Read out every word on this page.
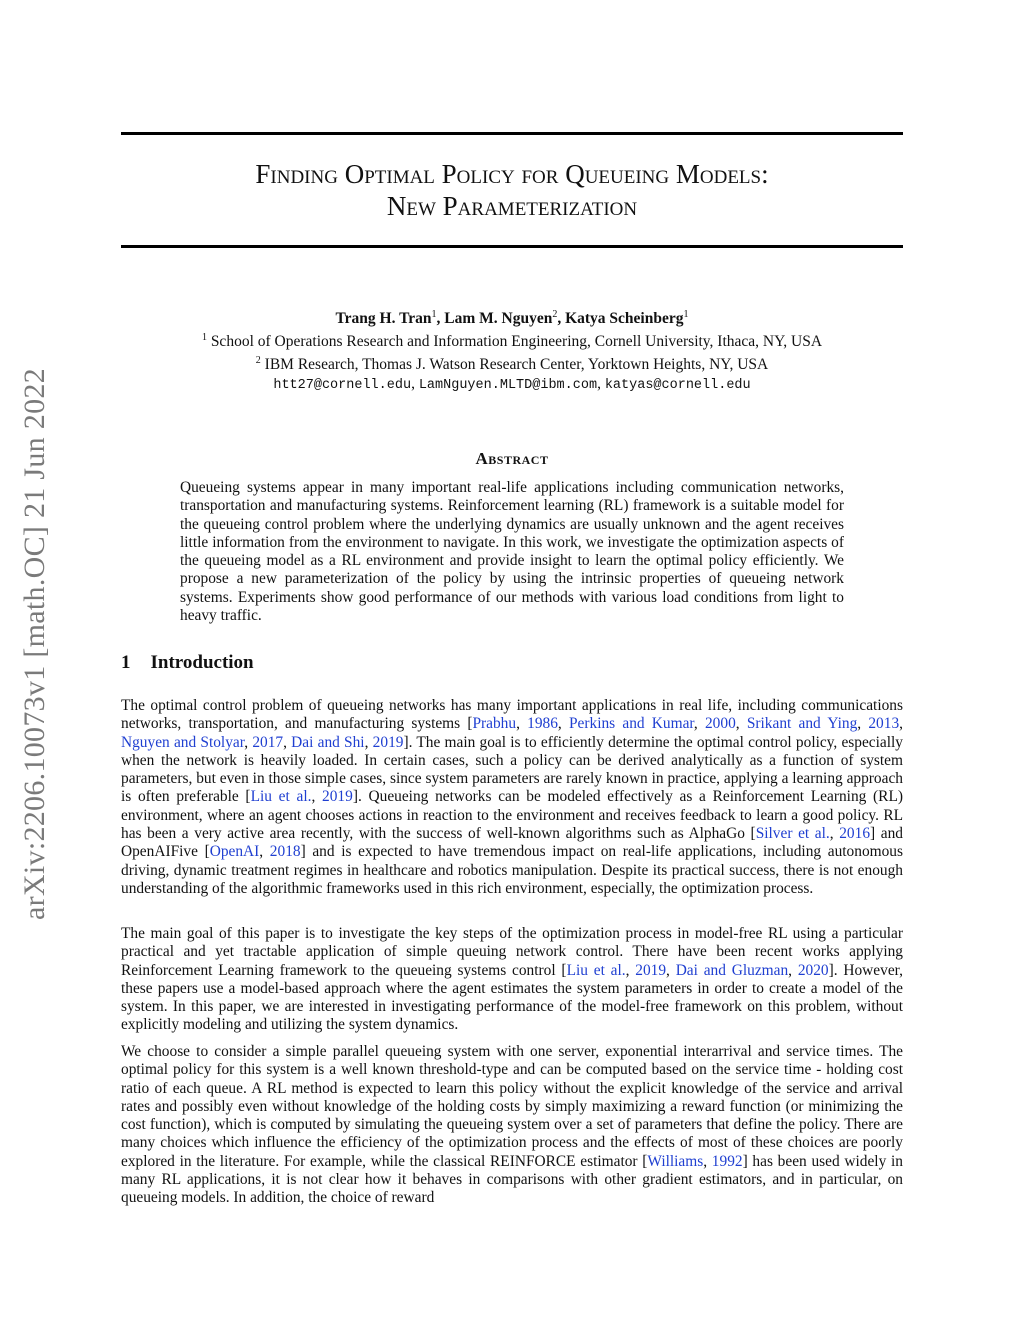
arXiv:2206.10073v1 [math.OC] 21 Jun 2022
Finding Optimal Policy for Queueing Models:
New Parameterization
Trang H. Tran$^1$, Lam M. Nguyen$^2$, Katya Scheinberg$^1$
$^1$ School of Operations Research and Information Engineering, Cornell University, Ithaca, NY, USA
$^2$ IBM Research, Thomas J. Watson Research Center, Yorktown Heights, NY, USA
htt27@cornell.edu, LamNguyen.MLTD@ibm.com, katyas@cornell.edu
Abstract
Queueing systems appear in many important real-life applications including communication networks, transportation and manufacturing systems. Reinforcement learning (RL) framework is a suitable model for the queueing control problem where the underlying dynamics are usually unknown and the agent receives little information from the environment to navigate. In this work, we investigate the optimization aspects of the queueing model as a RL environment and provide insight to learn the optimal policy efficiently. We propose a new parameterization of the policy by using the intrinsic properties of queueing network systems. Experiments show good performance of our methods with various load conditions from light to heavy traffic.
1 Introduction

The optimal control problem of queueing networks has many important applications in real life, including communications networks, transportation, and manufacturing systems [Prabhu, 1986, Perkins and Kumar, 2000, Srikant and Ying, 2013, Nguyen and Stolyar, 2017, Dai and Shi, 2019]. The main goal is to efficiently determine the optimal control policy, especially when the network is heavily loaded. In certain cases, such a policy can be derived analytically as a function of system parameters, but even in those simple cases, since system parameters are rarely known in practice, applying a learning approach is often preferable [Liu et al., 2019]. Queueing networks can be modeled effectively as a Reinforcement Learning (RL) environment, where an agent chooses actions in reaction to the environment and receives feedback to learn a good policy. RL has been a very active area recently, with the success of well-known algorithms such as AlphaGo [Silver et al., 2016] and OpenAIFive [OpenAI, 2018] and is expected to have tremendous impact on real-life applications, including autonomous driving, dynamic treatment regimes in healthcare and robotics manipulation. Despite its practical success, there is not enough understanding of the algorithmic frameworks used in this rich environment, especially, the optimization process.

The main goal of this paper is to investigate the key steps of the optimization process in model-free RL using a particular practical and yet tractable application of simple queuing network control. There have been recent works applying Reinforcement Learning framework to the queueing systems control [Liu et al., 2019, Dai and Gluzman, 2020]. However, these papers use a model-based approach where the agent estimates the system parameters in order to create a model of the system. In this paper, we are interested in investigating performance of the model-free framework on this problem, without explicitly modeling and utilizing the system dynamics.

We choose to consider a simple parallel queueing system with one server, exponential interarrival and service times. The optimal policy for this system is a well known threshold-type and can be computed based on the service time - holding cost ratio of each queue. A RL method is expected to learn this policy without the explicit knowledge of the service and arrival rates and possibly even without knowledge of the holding costs by simply maximizing a reward function (or minimizing the cost function), which is computed by simulating the queueing system over a set of parameters that define the policy. There are many choices which influence the efficiency of the optimization process and the effects of most of these choices are poorly explored in the literature. For example, while the classical REINFORCE estimator [Williams, 1992] has been used widely in many RL applications, it is not clear how it behaves in comparisons with other gradient estimators, and in particular, on queueing models. In addition, the choice of reward
